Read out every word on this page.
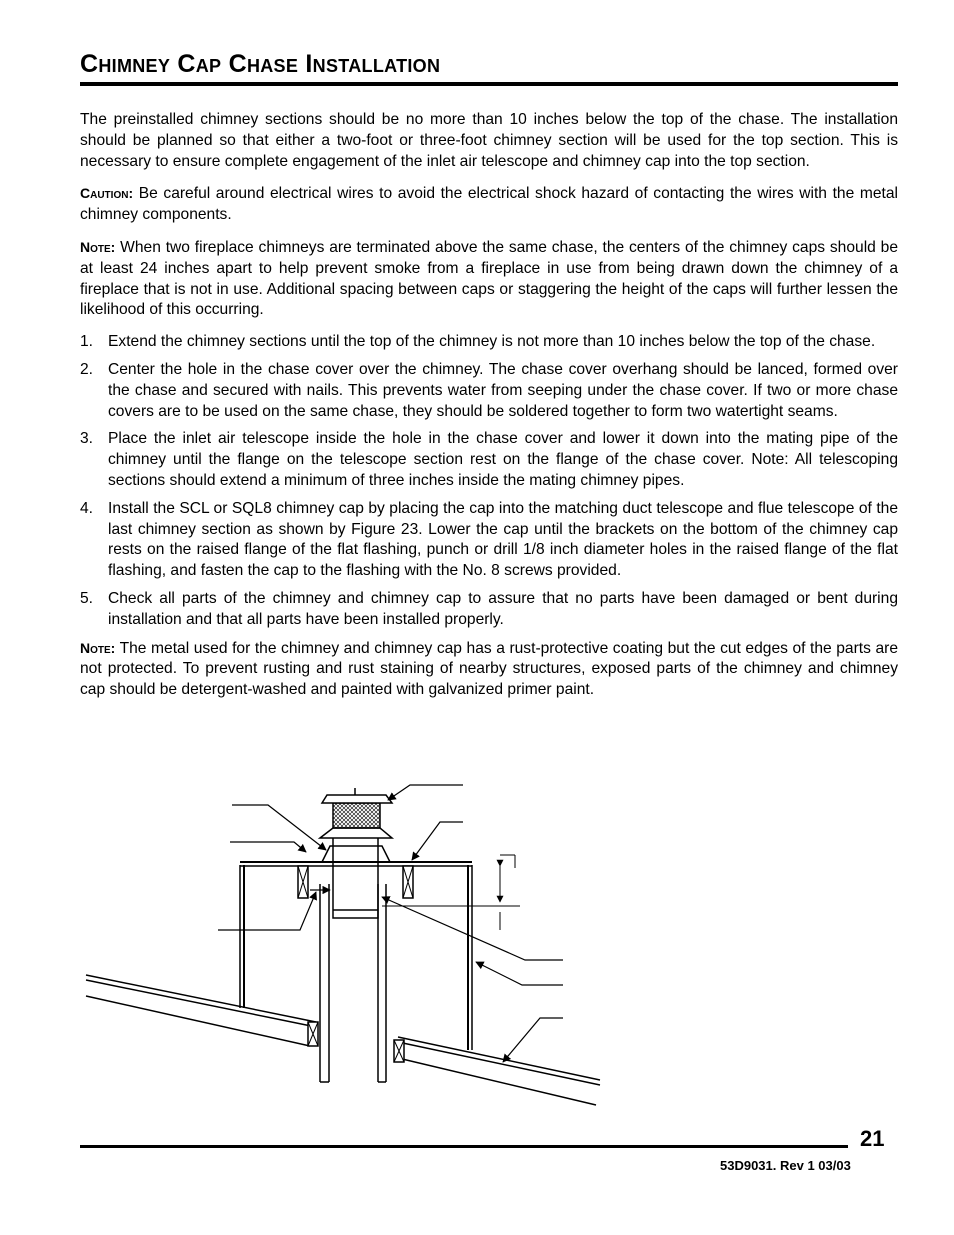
Chimney Cap Chase Installation

The preinstalled chimney sections should be no more than 10 inches below the top of the chase. The installation should be planned so that either a two-foot or three-foot chimney section will be used for the top section. This is necessary to ensure complete engagement of the inlet air telescope and chimney cap into the top section.

Caution: Be careful around electrical wires to avoid the electrical shock hazard of contacting the wires with the metal chimney components.

Note: When two fireplace chimneys are terminated above the same chase, the centers of the chimney caps should be at least 24 inches apart to help prevent smoke from a fireplace in use from being drawn down the chimney of a fireplace that is not in use. Additional spacing between caps or staggering the height of the caps will further lessen the likelihood of this occurring.

1. Extend the chimney sections until the top of the chimney is not more than 10 inches below the top of the chase.
2. Center the hole in the chase cover over the chimney. The chase cover overhang should be lanced, formed over the chase and secured with nails. This prevents water from seeping under the chase cover. If two or more chase covers are to be used on the same chase, they should be soldered together to form two watertight seams.
3. Place the inlet air telescope inside the hole in the chase cover and lower it down into the mating pipe of the chimney until the flange on the telescope section rest on the flange of the chase cover. Note: All telescoping sections should extend a minimum of three inches inside the mating chimney pipes.
4. Install the SCL or SQL8 chimney cap by placing the cap into the matching duct telescope and flue telescope of the last chimney section as shown by Figure 23. Lower the cap until the brackets on the bottom of the chimney cap rests on the raised flange of the flat flashing, punch or drill 1/8 inch diameter holes in the raised flange of the flat flashing, and fasten the cap to the flashing with the No. 8 screws provided.
5. Check all parts of the chimney and chimney cap to assure that no parts have been damaged or bent during installation and that all parts have been installed properly.

Note: The metal used for the chimney and chimney cap has a rust-protective coating but the cut edges of the parts are not protected. To prevent rusting and rust staining of nearby structures, exposed parts of the chimney and chimney cap should be detergent-washed and painted with galvanized primer paint.

21
53D9031. Rev 1 03/03
